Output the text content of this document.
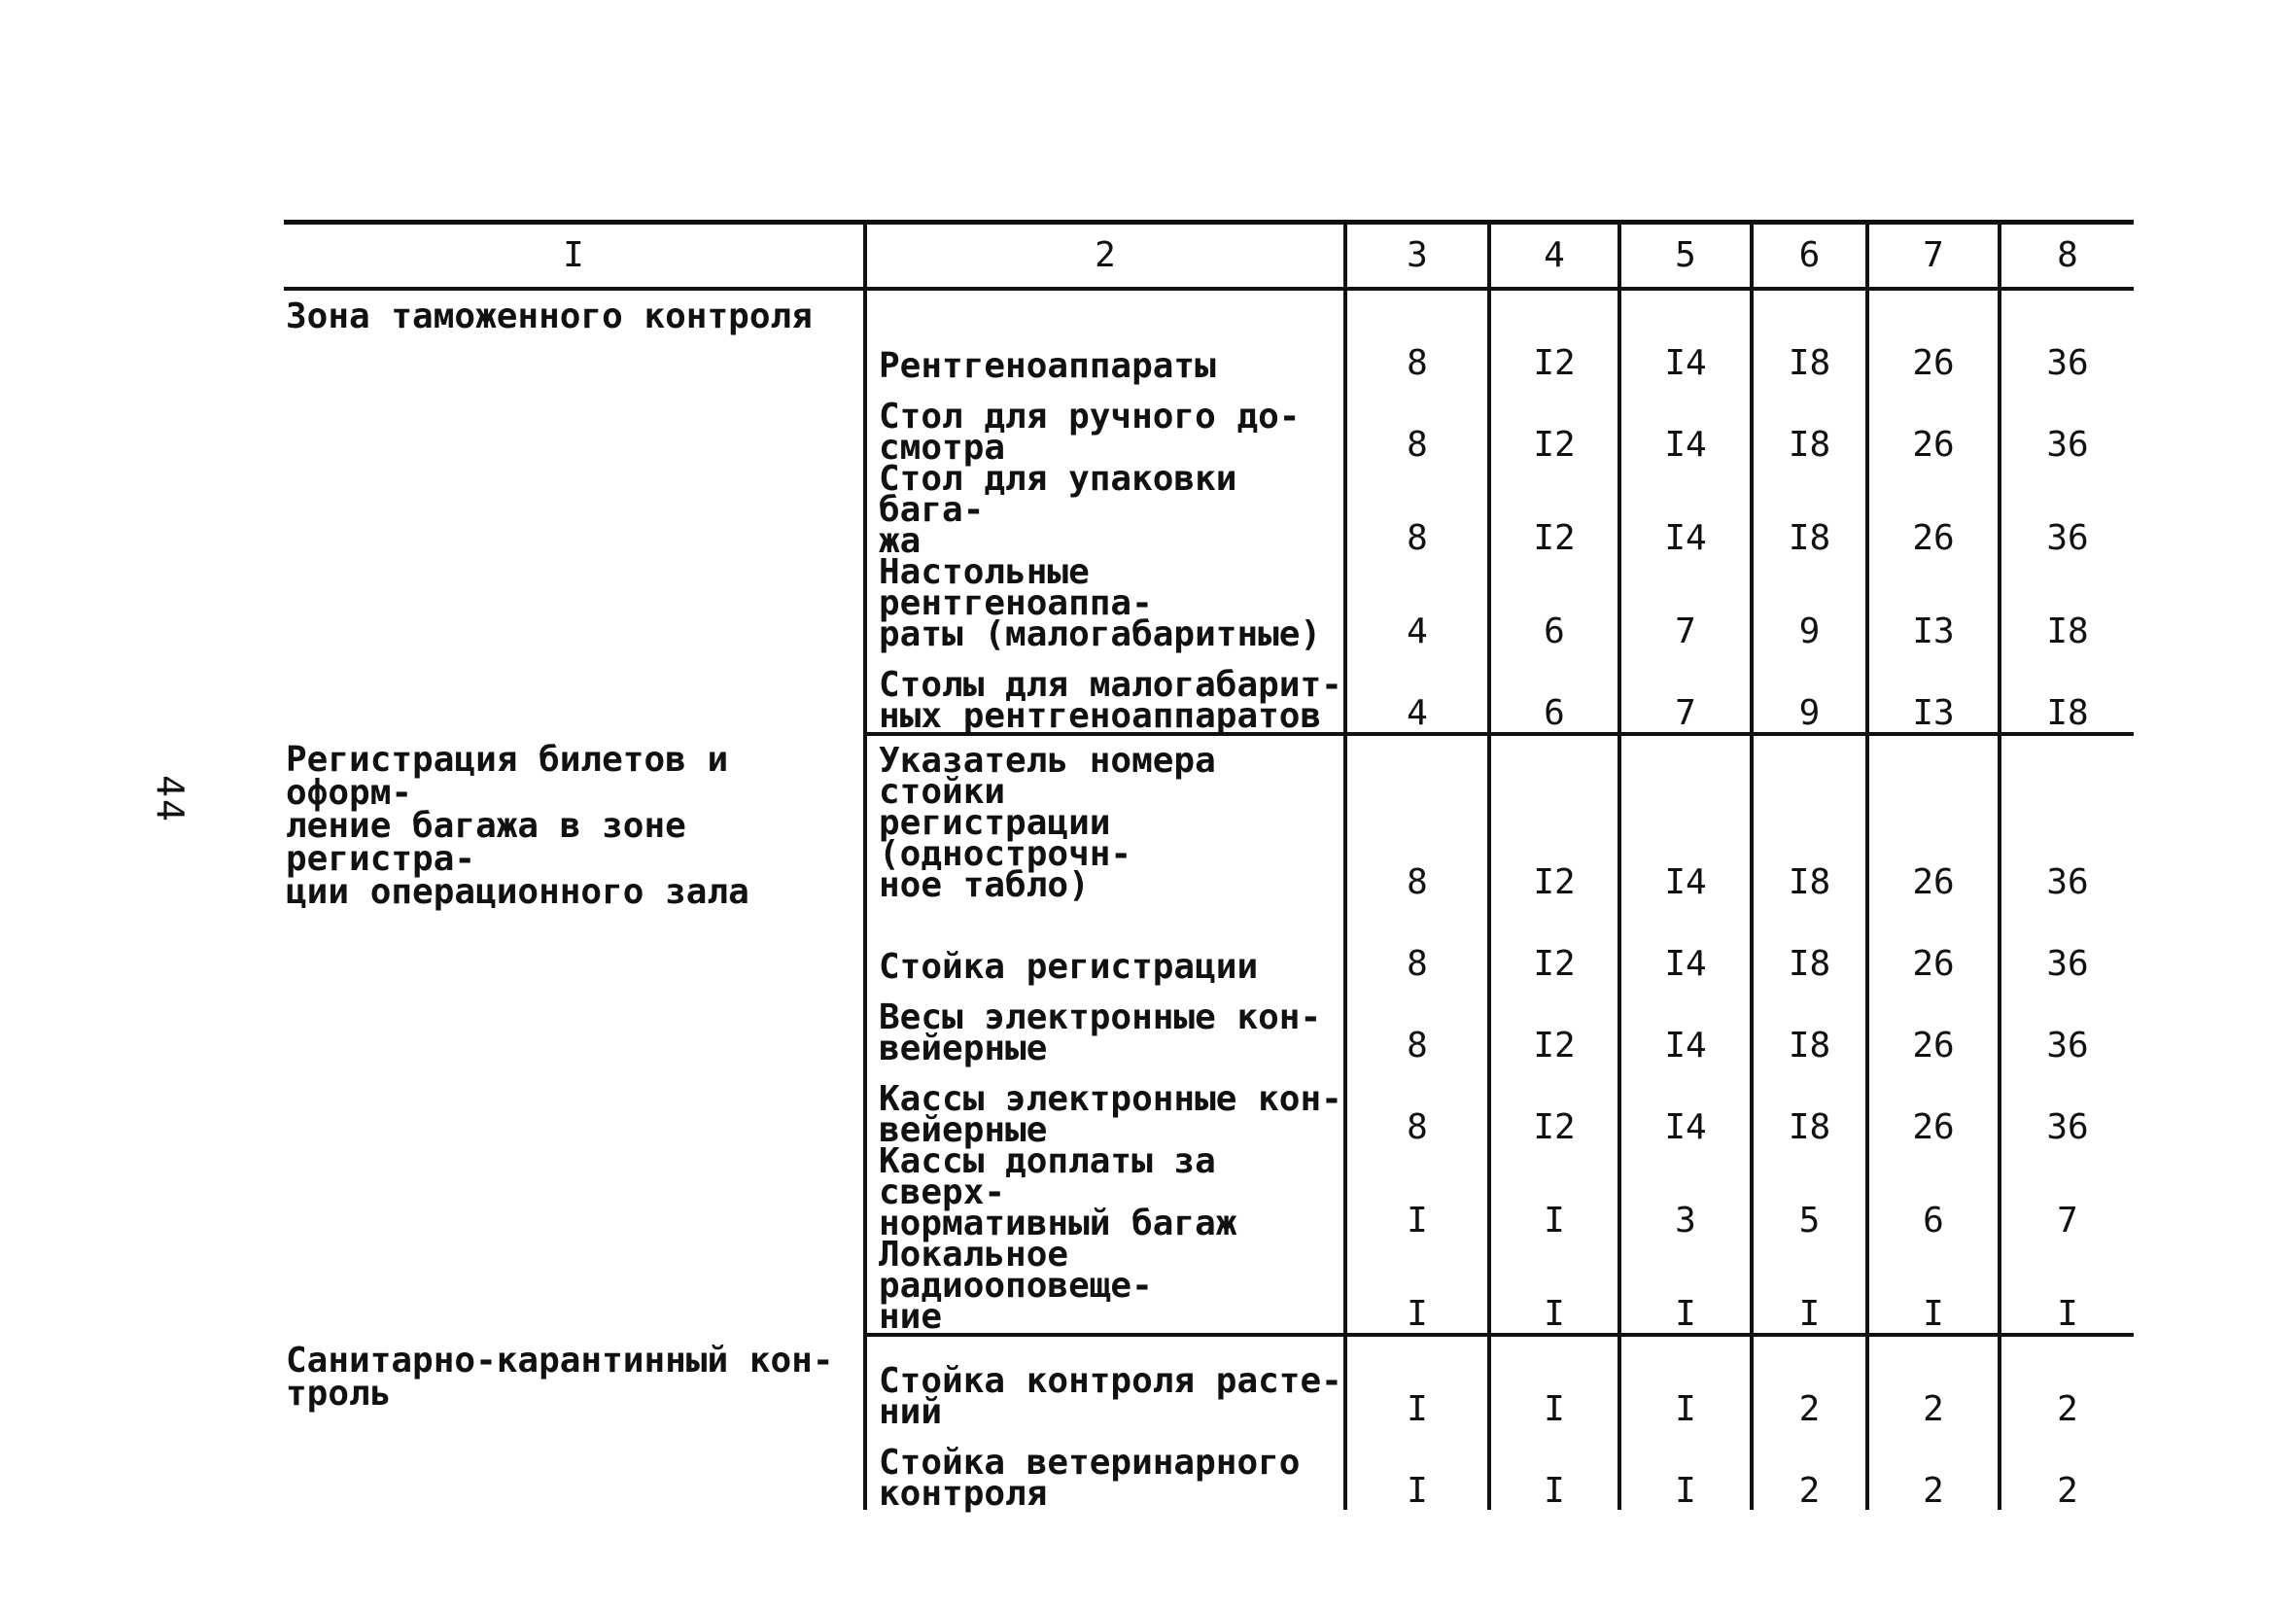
44
I	2	3	4	5	6	7	8
Зона таможенного контроля	Рентгеноаппараты	8	I2	I4	I8	26	36
	Стол для ручного до-
смотра	8	I2	I4	I8	26	36
	Стол для упаковки бага-
жа	8	I2	I4	I8	26	36
	Настольные рентгеноаппа-
раты (малогабаритные)	4	6	7	9	I3	I8
	Столы для малогабарит-
ных рентгеноаппаратов	4	6	7	9	I3	I8
Регистрация билетов и оформ-
ление багажа в зоне регистра-
ции операционного зала	Указатель номера стойки
регистрации (однострочн-
ное табло)	8	I2	I4	I8	26	36
	Стойка регистрации	8	I2	I4	I8	26	36
	Весы электронные кон-
вейерные	8	I2	I4	I8	26	36
	Кассы электронные кон-
вейерные	8	I2	I4	I8	26	36
	Кассы доплаты за сверх-
нормативный багаж	I	I	3	5	6	7
	Локальное радиооповеще-
ние	I	I	I	I	I	I
Санитарно-карантинный кон-
троль	Стойка контроля расте-
ний	I	I	I	2	2	2
	Стойка ветеринарного
контроля	I	I	I	2	2	2
